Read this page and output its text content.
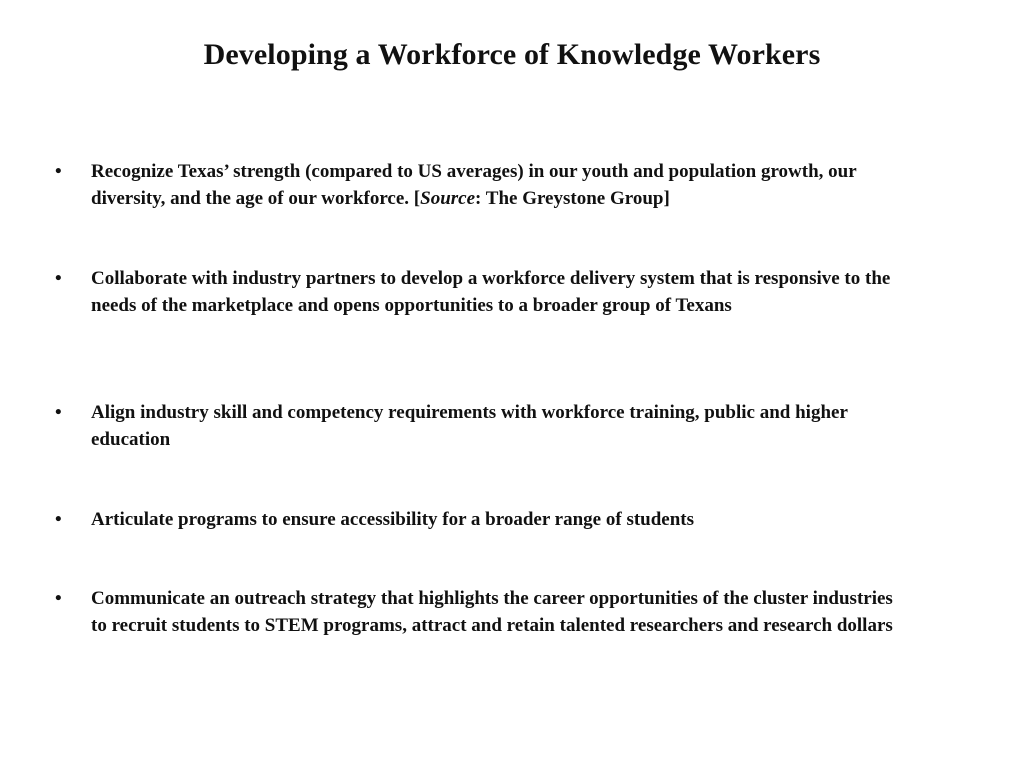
Developing a Workforce of Knowledge Workers
• Recognize Texas’ strength (compared to US averages) in our youth and population growth, our diversity, and the age of our workforce. [Source: The Greystone Group]
• Collaborate with industry partners to develop a workforce delivery system that is responsive to the needs of the marketplace and opens opportunities to a broader group of Texans
• Align industry skill and competency requirements with workforce training, public and higher education
• Articulate programs to ensure accessibility for a broader range of students
• Communicate an outreach strategy that highlights the career opportunities of the cluster industries to recruit students to STEM programs, attract and retain talented researchers and research dollars
